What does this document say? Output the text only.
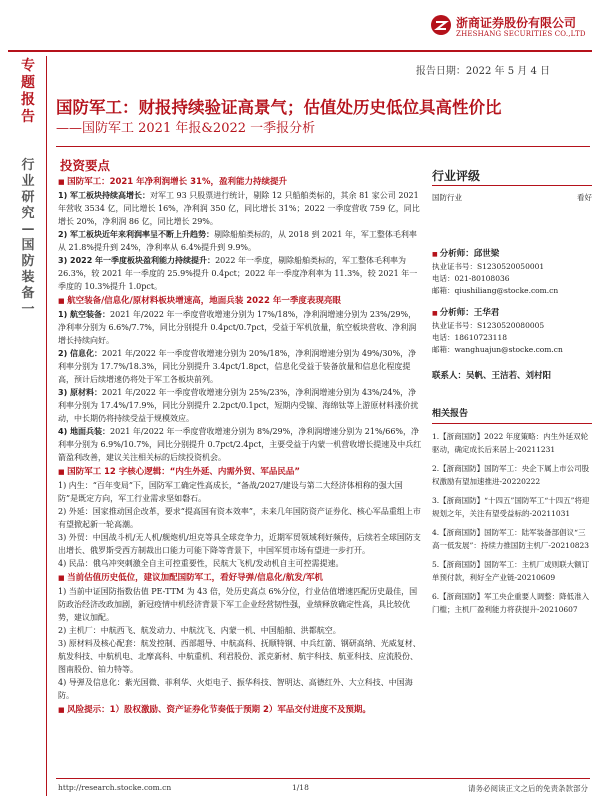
浙商证券股份有限公司
ZHESHANG SECURITIES CO.,LTD
报告日期：2022 年 5 月 4 日
专
题
报
告
行
业
研
究
—
国
防
装
备
一
国防军工：财报持续验证高景气；估值处历史低位具高性价比
——国防军工 2021 年报&2022 一季报分析
投资要点
■ 国防军工：2021 年净利润增长 31%，盈利能力持续提升
1) 军工板块持续高增长：对军工 93 只股票进行统计，剔除 12 只船舶类标的，其余 81 家公司 2021 年营收 3534 亿，同比增长 16%，净利润 350 亿，同比增长 31%；2022 一季度营收 759 亿，同比增长 20%，净利润 86 亿，同比增长 29%。
2) 军工板块近年来利润率呈不断上升趋势：剔除船舶类标的，从 2018 到 2021 年，军工整体毛利率从 21.8%提升到 24%，净利率从 6.4%提升到 9.9%。
3) 2022 年一季度板块盈利能力持续提升：2022 年一季度，剔除船舶类标的，军工整体毛利率为 26.3%，较 2021 年一季度的 25.9%提升 0.4pct；2022 年一季度净利率为 11.3%，较 2021 年一季度的 10.3%提升 1.0pct。
■ 航空装备/信息化/原材料板块增速高，地面兵装 2022 年一季度表现亮眼
1) 航空装备：2021 年/2022 年一季度营收增速分别为 17%/18%，净利润增速分别为 23%/29%，净利率分别为 6.6%/7.7%，同比分别提升 0.4pct/0.7pct，受益于军机放量，航空板块营收、净利润增长持续向好。
2) 信息化：2021 年/2022 年一季度营收增速分别为 20%/18%，净利润增速分别为 49%/30%，净利率分别为 17.7%/18.3%，同比分别提升 3.4pct/1.8pct，信息化受益于装备放量和信息化程度提高，预计后续增速仍将处于军工各板块前列。
3) 原材料：2021 年/2022 年一季度营收增速分别为 25%/23%，净利润增速分别为 43%/24%，净利率分别为 17.4%/17.9%，同比分别提升 2.2pct/0.1pct，短期内受镍、海绵钛等上游原材料涨价扰动，中长期仍将持续受益于规模效应。
4) 地面兵装：2021 年/2022 年一季度营收增速分别为 8%/29%，净利润增速分别为 21%/66%，净利率分别为 6.9%/10.7%，同比分别提升 0.7pct/2.4pct，主要受益于内蒙一机营收增长提速及中兵红箭盈利改善，建议关注相关标的后续投资机会。
■ 国防军工 12 字核心逻辑：“内生外延、内需外贸、军品民品”
1) 内生：“百年变局”下，国防军工确定性高成长，“备战/2027/建设与第二大经济体相称的强大国防”是既定方向，军工行业需求坚如磐石。
2) 外延：国家推动国企改革，要求“提高国有资本效率”，未来几年国防资产证券化、核心军品重组上市有望掀起新一轮高潮。
3) 外贸：中国战斗机/无人机/舰炮机/坦克等具全球竞争力，近期军贸领域利好频传，后续若全球国防支出增长、俄罗斯受西方制裁出口能力可能下降等背景下，中国军贸市场有望进一步打开。
4) 民品：俄乌冲突刺激全自主可控重要性，民航大飞机/发动机自主可控需提速。
■ 当前估值历史低位，建议加配国防军工，看好导弹/信息化/航发/军机
1) 当前中证国防指数估值 PE-TTM 为 43 倍，处历史高点 6%分位，行业估值增速匹配历史最佳，国防政治经济改政加剧，新冠疫情中机经济背景下军工企业经营韧性强，业绩释放确定性高，具比较优势，建议加配。
2) 主机厂：中航西飞、航发动力、中航沈飞、内蒙一机、中国船舶、洪都航空。
3) 原材料及核心配套：航发控制、西部超导、中航高科、抚顺特钢、中兵红箭、钢研高纳、光威复材、航发科技、中航机电、北摩高科、中航重机、利君股份、派克新材、航宇科技、航亚科技、应流股份、图南股份、铂力特等。
4) 导弹及信息化：紫光国微、菲利华、火炬电子、振华科技、智明达、高德红外、大立科技、中国海防。
■ 风险提示：1）股权激励、资产证券化节奏低于预期 2）军品交付进度不及预期。
行业评级
国防行业	看好
■ 分析师：邱世梁
执业证书号：S1230520050001
电话：021-80108036
邮箱：qiushiliang@stocke.com.cn
■ 分析师：王华君
执业证书号：S1230520080005
电话：18610723118
邮箱：wanghuajun@stocke.com.cn
联系人：吴帆、王洁若、刘村阳
相关报告
1.【浙商国防】2022 年度策略：内生外延双轮驱动，确定成长后来居上-20211231
2.【浙商国防】国防军工：央企下属上市公司股权激励有望加速推进-20220222
3.【浙商国防】“十四五”国防军工“十四五”将迎规划之年，关注有望受益标的-20211031
4.【浙商国防】国防军工：陆军装备部倡议“三高一低发展”：持续力推国防主机厂-20210823
5.【浙商国防】国防军工：主机厂成则联大额订单预付款，利好全产业链-20210609
6.【浙商国防】军工央企重要人调整：降低准入门槛；主机厂盈利能力将获提升-20210607
http://research.stocke.com.cn	1/18	请务必阅读正文之后的免责条款部分
